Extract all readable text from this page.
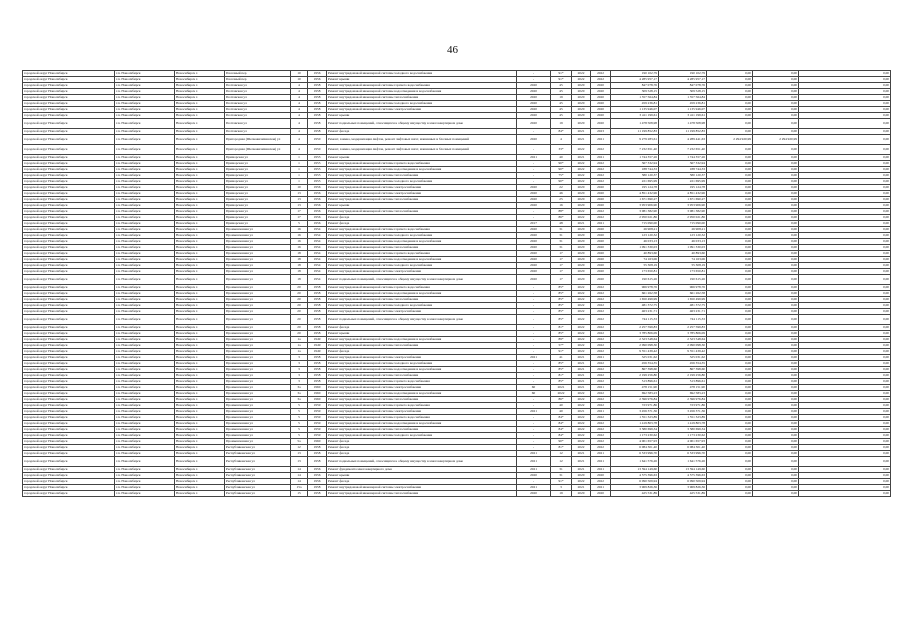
46
городской округ Новосибирск	г.п. Новосибирск	Новосибирск г.	Пасечный пер	10	1956	Ремонт внутридомовой инженерной системы холодного водоснабжения	-	91*	2022	2022	190 102,79	190 102,79	0,00	0,00	0,00
городской округ Новосибирск	г.п. Новосибирск	Новосибирск г.	Пасечный пер	10	1956	Ремонт крыши	-	91*	2022	2022	4 285 957,17	4 285 957,17	0,00	0,00	0,00
городской округ Новосибирск	г.п. Новосибирск	Новосибирск г.	Полтавская ул	4	1958	Ремонт внутридомовой инженерной системы горячего водоснабжения	2020	45	2020	2020	847 078,76	847 078,76	0,00	0,00	0,00
городской округ Новосибирск	г.п. Новосибирск	Новосибирск г.	Полтавская ул	4	1958	Ремонт внутридомовой инженерной системы водоотведения и водоснабжения	2020	45	2020	2020	309 528,15	309 528,15	0,00	0,00	0,00
городской округ Новосибирск	г.п. Новосибирск	Новосибирск г.	Полтавская ул	4	1958	Ремонт внутридомовой инженерной системы теплоснабжения	2020	19	2020	2020	1 357 564,84	1 357 564,84	0,00	0,00	0,00
городской округ Новосибирск	г.п. Новосибирск	Новосибирск г.	Полтавская ул	4	1958	Ремонт внутридомовой инженерной системы холодного водоснабжения	2020	45	2020	2020	459 236,81	459 236,81	0,00	0,00	0,00
городской округ Новосибирск	г.п. Новосибирск	Новосибирск г.	Полтавская ул	4	1958	Ремонт внутридомовой инженерной системы электроснабжения	2020	45	2020	2020	1 135 946,07	1 135 946,07	0,00	0,00	0,00
городской округ Новосибирск	г.п. Новосибирск	Новосибирск г.	Полтавская ул	4	1958	Ремонт крыши	2020	45	2020	2020	3 411 199,61	3 411 199,61	0,00	0,00	0,00
городской округ Новосибирск	г.п. Новосибирск	Новосибирск г.	Полтавская ул	4	1958	Ремонт подвальных помещений, относящихся к общему имуществу в многоквартирном доме	2020	19	2020	2020	1 478 508,98	1 478 508,98	0,00	0,00	0,00
городской округ Новосибирск	г.п. Новосибирск	Новосибирск г.	Полтавская ул	4	1958	Ремонт фасада	-	84*	2021	2023	11 199 852,83	11 199 852,83	0,00	0,00	0,00
городской округ Новосибирск	г.п. Новосибирск	Новосибирск г.	Пригородная (Шелковичихинская) ул	4	1950	Ремонт, замена, модернизация лифтов, ремонт лифтовых шахт, машинных и блочных помещений	2020	4	2021	2021	9 279 283,61	4 289 441,63	2 294 920,99	2 294 920,99	0,00
городской округ Новосибирск	г.п. Новосибирск	Новосибирск г.	Пригородная (Шелковичихинская) ул	4	1950	Ремонт, замена, модернизация лифтов, ремонт лифтовых шахт, машинных и блочных помещений	-	33*	2022	2022	7 232 651,40	7 232 651,40	0,00	0,00	0,00
городской округ Новосибирск	г.п. Новосибирск	Новосибирск г.	Приморская ул	1	1953	Ремонт крыши	2021	40	2021	2021	1 744 357,26	1 744 357,26	0,00	0,00	0,00
городской округ Новосибирск	г.п. Новосибирск	Новосибирск г.	Приморская ул	1	1953	Ремонт внутридомовой инженерной системы горячего водоснабжения	-	90*	2022	2022	367 332,94	367 332,94	0,00	0,00	0,00
городской округ Новосибирск	г.п. Новосибирск	Новосибирск г.	Приморская ул	1	1953	Ремонт внутридомовой инженерной системы водоотведения и водоснабжения	-	90*	2022	2022	188 744,33	188 744,33	0,00	0,00	0,00
городской округ Новосибирск	г.п. Новосибирск	Новосибирск г.	Приморская ул	1	1953	Ремонт внутридомовой инженерной системы теплоснабжения	-	75*	2022	2022	580 120,37	580 120,37	0,00	0,00	0,00
городской округ Новосибирск	г.п. Новосибирск	Новосибирск г.	Приморская ул	1	1953	Ремонт внутридомовой инженерной системы холодного водоснабжения	-	90*	2022	2022	221 695,99	221 695,99	0,00	0,00	0,00
городской округ Новосибирск	г.п. Новосибирск	Новосибирск г.	Приморская ул	10	1956	Ремонт внутридомовой инженерной системы электроснабжения	2020	22	2020	2020	195 124,78	195 124,78	0,00	0,00	0,00
городской округ Новосибирск	г.п. Новосибирск	Новосибирск г.	Приморская ул	13	1956	Ремонт внутридомовой инженерной системы электроснабжения	2020	46	2020	2020	4 851 432,96	4 851 432,96	0,00	0,00	0,00
городской округ Новосибирск	г.п. Новосибирск	Новосибирск г.	Приморская ул	13	1956	Ремонт внутридомовой инженерной системы теплоснабжения	2020	25	2020	2020	1 671 690,27	1 671 690,27	0,00	0,00	0,00
городской округ Новосибирск	г.п. Новосибирск	Новосибирск г.	Приморская ул	13	1956	Ремонт крыши	2020	16	2020	2020	3 953 906,90	3 953 906,90	0,00	0,00	0,00
городской округ Новосибирск	г.п. Новосибирск	Новосибирск г.	Приморская ул	17	1956	Ремонт внутридомовой инженерной системы теплоснабжения	-	88*	2022	2022	3 081 382,90	3 081 382,90	0,00	0,00	0,00
городской округ Новосибирск	г.п. Новосибирск	Новосибирск г.	Приморская ул	17	1956	Ремонт фасада	-	86*	2022	2022	2 950 021,86	2 950 021,86	0,00	0,00	0,00
городской округ Новосибирск	г.п. Новосибирск	Новосибирск г.	Приморская ул	5	1956	Ремонт фасада	2017	48	2021	2021	715 090,00	715 090,00	0,00	0,00	0,00
городской округ Новосибирск	г.п. Новосибирск	Новосибирск г.	Промышленная ул	16	1954	Ремонт внутридомовой инженерной системы горячего водоснабжения	2020	31	2020	2020	26 908,21	26 908,21	0,00	0,00	0,00
городской округ Новосибирск	г.п. Новосибирск	Новосибирск г.	Промышленная ул	16	1954	Ремонт внутридомовой инженерной системы холодного водоснабжения	2020	31	2020	2020	123 120,32	123 120,32	0,00	0,00	0,00
городской округ Новосибирск	г.п. Новосибирск	Новосибирск г.	Промышленная ул	16	1954	Ремонт внутридомовой инженерной системы водоотведения и водоснабжения	2020	31	2020	2020	46 033,13	46 033,13	0,00	0,00	0,00
городской округ Новосибирск	г.п. Новосибирск	Новосибирск г.	Промышленная ул	16	1954	Ремонт внутридомовой инженерной системы теплоснабжения	2020	31	2020	2020	1 091 330,03	1 091 330,03	0,00	0,00	0,00
городской округ Новосибирск	г.п. Новосибирск	Новосибирск г.	Промышленная ул	18	1954	Ремонт внутридомовой инженерной системы горячего водоснабжения	2020	17	2020	2020	40 893,60	40 893,60	0,00	0,00	0,00
городской округ Новосибирск	г.п. Новосибирск	Новосибирск г.	Промышленная ул	18	1954	Ремонт внутридомовой инженерной системы водоотведения и водоснабжения	2020	17	2020	2020	74 163,06	74 163,06	0,00	0,00	0,00
городской округ Новосибирск	г.п. Новосибирск	Новосибирск г.	Промышленная ул	18	1954	Ремонт внутридомовой инженерной системы холодного водоснабжения	2020	17	2020	2020	55 308,19	55 308,19	0,00	0,00	0,00
городской округ Новосибирск	г.п. Новосибирск	Новосибирск г.	Промышленная ул	18	1954	Ремонт внутридомовой инженерной системы электроснабжения	2020	17	2020	2020	173 650,81	173 650,81	0,00	0,00	0,00
городской округ Новосибирск	г.п. Новосибирск	Новосибирск г.	Промышленная ул	18	1954	Ремонт подвальных помещений, относящихся к общему имуществу в многоквартирном доме	2020	17	2020	2020	190 615,26	190 615,26	0,00	0,00	0,00
городской округ Новосибирск	г.п. Новосибирск	Новосибирск г.	Промышленная ул	20	1958	Ремонт внутридомовой инженерной системы горячего водоснабжения	-	85*	2022	2022	966 978,76	966 978,76	0,00	0,00	0,00
городской округ Новосибирск	г.п. Новосибирск	Новосибирск г.	Промышленная ул	20	1958	Ремонт внутридомовой инженерной системы водоотведения и водоснабжения	-	85*	2022	2022	661 262,58	661 262,58	0,00	0,00	0,00
городской округ Новосибирск	г.п. Новосибирск	Новосибирск г.	Промышленная ул	20	1958	Ремонт внутридомовой инженерной системы теплоснабжения	-	85*	2022	2022	1 650 499,99	1 650 499,99	0,00	0,00	0,00
городской округ Новосибирск	г.п. Новосибирск	Новосибирск г.	Промышленная ул	20	1958	Ремонт внутридомовой инженерной системы холодного водоснабжения	-	85*	2022	2022	481 372,75	481 372,75	0,00	0,00	0,00
городской округ Новосибирск	г.п. Новосибирск	Новосибирск г.	Промышленная ул	20	1958	Ремонт внутридомовой инженерной системы электроснабжения	-	85*	2022	2022	463 231,71	463 231,71	0,00	0,00	0,00
городской округ Новосибирск	г.п. Новосибирск	Новосибирск г.	Промышленная ул	20	1958	Ремонт подвальных помещений, относящихся к общему имуществу в многоквартирном доме	-	85*	2022	2022	744 115,33	744 115,33	0,00	0,00	0,00
городской округ Новосибирск	г.п. Новосибирск	Новосибирск г.	Промышленная ул	20	1958	Ремонт фасада	-	81*	2022	2022	2 257 599,83	2 257 599,83	0,00	0,00	0,00
городской округ Новосибирск	г.п. Новосибирск	Новосибирск г.	Промышленная ул	20	1958	Ремонт крыши	-	85*	2022	2022	3 785 806,09	3 785 806,09	0,00	0,00	0,00
городской округ Новосибирск	г.п. Новосибирск	Новосибирск г.	Промышленная ул	1а	1949	Ремонт внутридомовой инженерной системы водоотведения и водоснабжения	-	89*	2022	2022	2 323 548,64	2 323 548,64	0,00	0,00	0,00
городской округ Новосибирск	г.п. Новосибирск	Новосибирск г.	Промышленная ул	1а	1949	Ремонт внутридомовой инженерной системы теплоснабжения	-	57*	2022	2022	2 090 098,30	2 090 098,30	0,00	0,00	0,00
городской округ Новосибирск	г.п. Новосибирск	Новосибирск г.	Промышленная ул	1а	1949	Ремонт фасада	-	91*	2022	2022	9 351 439,42	9 351 439,42	0,00	0,00	0,00
городской округ Новосибирск	г.п. Новосибирск	Новосибирск г.	Промышленная ул	3	1958	Ремонт внутридомовой инженерной системы электроснабжения	2021	41	2021	2021	325 031,62	325 031,62	0,00	0,00	0,00
городской округ Новосибирск	г.п. Новосибирск	Новосибирск г.	Промышленная ул	3	1958	Ремонт внутридомовой инженерной системы холодного водоснабжения	-	85*	2021	2022	456 354,35	456 354,35	0,00	0,00	0,00
городской округ Новосибирск	г.п. Новосибирск	Новосибирск г.	Промышленная ул	3	1958	Ремонт внутридомовой инженерной системы водоотведения и водоснабжения	-	85*	2021	2022	867 398,60	867 398,60	0,00	0,00	0,00
городской округ Новосибирск	г.п. Новосибирск	Новосибирск г.	Промышленная ул	3	1958	Ремонт внутридомовой инженерной системы теплоснабжения	-	81*	2021	2022	2 199 256,80	2 199 256,80	0,00	0,00	0,00
городской округ Новосибирск	г.п. Новосибирск	Новосибирск г.	Промышленная ул	3	1958	Ремонт внутридомовой инженерной системы горячего водоснабжения	-	85*	2021	2022	513 896,61	513 896,61	0,00	0,00	0,00
городской округ Новосибирск	г.п. Новосибирск	Новосибирск г.	Промышленная ул	3а	1960	Ремонт внутридомовой инженерной системы электроснабжения	60	2021	2021	2021	478 151,90	478 151,90	0,00	0,00	0,00
городской округ Новосибирск	г.п. Новосибирск	Новосибирск г.	Промышленная ул	3а	1960	Ремонт внутридомовой инженерной системы водоотведения и водоснабжения	60	2022	2022	2022	692 583,23	692 583,23	0,00	0,00	0,00
городской округ Новосибирск	г.п. Новосибирск	Новосибирск г.	Промышленная ул	3а	1960	Ремонт внутридомовой инженерной системы теплоснабжения	-	86*	2022	2022	2 396 976,84	2 396 976,84	0,00	0,00	0,00
городской округ Новосибирск	г.п. Новосибирск	Новосибирск г.	Промышленная ул	5	1959	Ремонт внутридомовой инженерной системы горячего водоснабжения	-	40	2022	2022	723 971,86	723 971,86	0,00	0,00	0,00
городской округ Новосибирск	г.п. Новосибирск	Новосибирск г.	Промышленная ул	5	1959	Ремонт внутридомовой инженерной системы электроснабжения	2021	40	2021	2021	3 456 371,36	3 456 371,36	0,00	0,00	0,00
городской округ Новосибирск	г.п. Новосибирск	Новосибирск г.	Промышленная ул	5	1959	Ремонт внутридомовой инженерной системы горячего водоснабжения	-	84*	2022	2022	1 551 323,89	1 551 323,89	0,00	0,00	0,00
городской округ Новосибирск	г.п. Новосибирск	Новосибирск г.	Промышленная ул	5	1959	Ремонт внутридомовой инженерной системы водоотведения и водоснабжения	-	84*	2022	2022	1 419 803,78	1 419 803,78	0,00	0,00	0,00
городской округ Новосибирск	г.п. Новосибирск	Новосибирск г.	Промышленная ул	5	1959	Ремонт внутридомовой инженерной системы теплоснабжения	-	84*	2022	2022	3 580 699,34	3 580 699,34	0,00	0,00	0,00
городской округ Новосибирск	г.п. Новосибирск	Новосибирск г.	Промышленная ул	5	1959	Ремонт внутридомовой инженерной системы холодного водоснабжения	-	84*	2022	2022	1 173 230,62	1 173 230,62	0,00	0,00	0,00
городской округ Новосибирск	г.п. Новосибирск	Новосибирск г.	Промышленная ул	5а	1960	Ремонт фасада	-	90*	2022	2022	4 001 657,93	4 001 657,93	0,00	0,00	0,00
городской округ Новосибирск	г.п. Новосибирск	Новосибирск г.	Республиканская ул	12	1958	Ремонт фасада	-	81*	2022	2022	6 084 301,40	6 084 301,40	0,00	0,00	0,00
городской округ Новосибирск	г.п. Новосибирск	Новосибирск г.	Республиканская ул	13	1958	Ремонт фасада	2021	12	2021	2021	6 533 996,70	6 533 996,70	0,00	0,00	0,00
городской округ Новосибирск	г.п. Новосибирск	Новосибирск г.	Республиканская ул	13	1958	Ремонт подвальных помещений, относящихся к общему имуществу в многоквартирном доме	2021	12	2021	2021	1 641 576,26	1 641 576,26	0,00	0,00	0,00
городской округ Новосибирск	г.п. Новосибирск	Новосибирск г.	Республиканская ул	14	1956	Ремонт фундамента многоквартирного дома	2021	31	2021	2021	13 594 149,60	13 594 149,60	0,00	0,00	0,00
городской округ Новосибирск	г.п. Новосибирск	Новосибирск г.	Республиканская ул	14	1956	Ремонт крыши	2020	31	2020	2020	4 575 396,63	4 575 396,63	0,00	0,00	0,00
городской округ Новосибирск	г.п. Новосибирск	Новосибирск г.	Республиканская ул	14	1956	Ремонт фасада	-	91*	2022	2022	6 090 509,94	6 090 509,94	0,00	0,00	0,00
городской округ Новосибирск	г.п. Новосибирск	Новосибирск г.	Республиканская ул	15а	1958	Ремонт внутридомовой инженерной системы электроснабжения	2021	3	2021	2021	3 969 826,36	3 969 826,36	0,00	0,00	0,00
городской округ Новосибирск	г.п. Новосибирск	Новосибирск г.	Республиканская ул	15	1958	Ремонт внутридомовой инженерной системы теплоснабжения	2020	19	2020	2020	425 531,89	425 531,89	0,00	0,00	0,00
